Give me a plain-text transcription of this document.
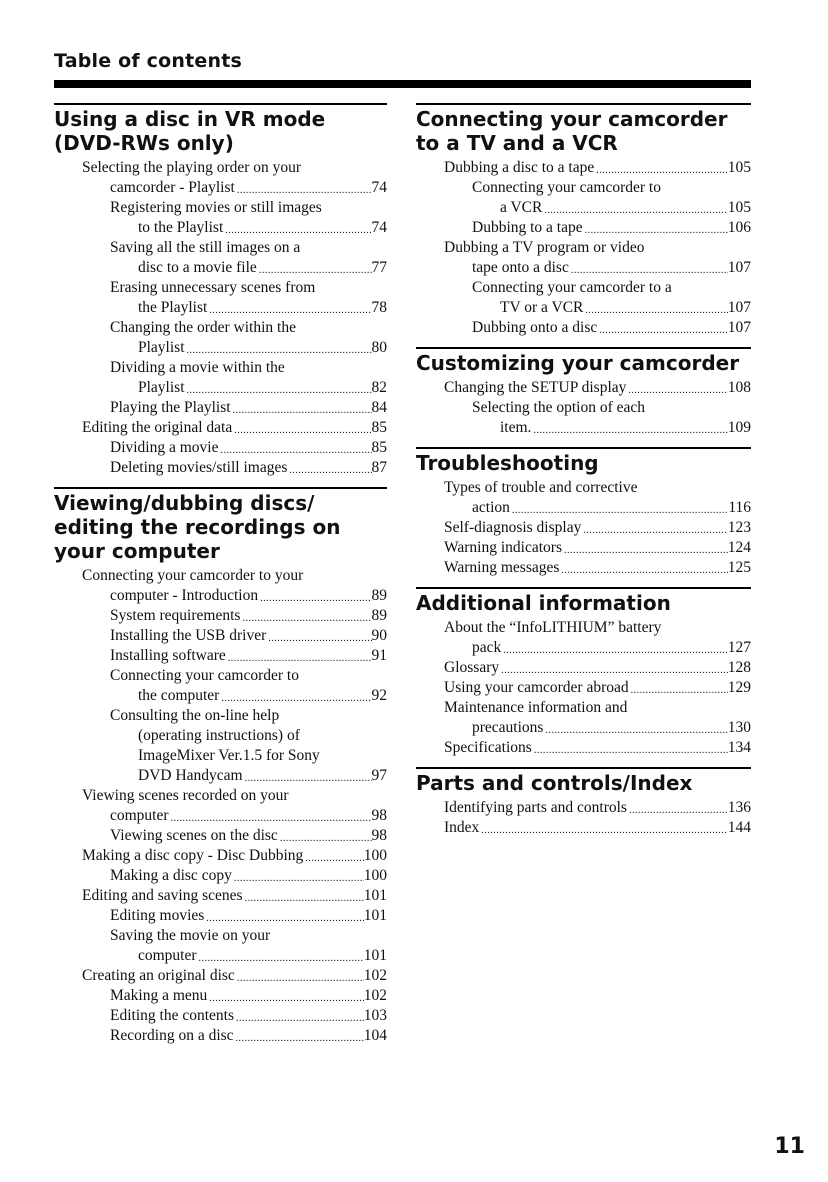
Table of contents
Using a disc in VR mode (DVD-RWs only)
Selecting the playing order on your
camcorder - Playlist .....	74
Registering movies or still images
to the Playlist .....	74
Saving all the still images on a
disc to a movie file .....	77
Erasing unnecessary scenes from
the Playlist .....	78
Changing the order within the
Playlist .....	80
Dividing a movie within the
Playlist .....	82
Playing the Playlist .....	84
Editing the original data .....	85
Dividing a movie .....	85
Deleting movies/still images .....	87
Viewing/dubbing discs/ editing the recordings on your computer
Connecting your camcorder to your
computer - Introduction .....	89
System requirements .....	89
Installing the USB driver .....	90
Installing software .....	91
Connecting your camcorder to
the computer .....	92
Consulting the on-line help
(operating instructions) of
ImageMixer Ver.1.5 for Sony
DVD Handycam .....	97
Viewing scenes recorded on your
computer .....	98
Viewing scenes on the disc .....	98
Making a disc copy - Disc Dubbing .....	100
Making a disc copy .....	100
Editing and saving scenes .....	101
Editing movies .....	101
Saving the movie on your
computer .....	101
Creating an original disc .....	102
Making a menu .....	102
Editing the contents .....	103
Recording on a disc .....	104
Connecting your camcorder to a TV and a VCR
Dubbing a disc to a tape .....	105
Connecting your camcorder to
a VCR .....	105
Dubbing to a tape .....	106
Dubbing a TV program or video
tape onto a disc .....	107
Connecting your camcorder to a
TV or a VCR .....	107
Dubbing onto a disc .....	107
Customizing your camcorder
Changing the SETUP display .....	108
Selecting the option of each
item. .....	109
Troubleshooting
Types of trouble and corrective
action .....	116
Self-diagnosis display .....	123
Warning indicators .....	124
Warning messages .....	125
Additional information
About the “InfoLITHIUM” battery
pack .....	127
Glossary .....	128
Using your camcorder abroad .....	129
Maintenance information and
precautions .....	130
Specifications .....	134
Parts and controls/Index
Identifying parts and controls .....	136
Index .....	144
11
